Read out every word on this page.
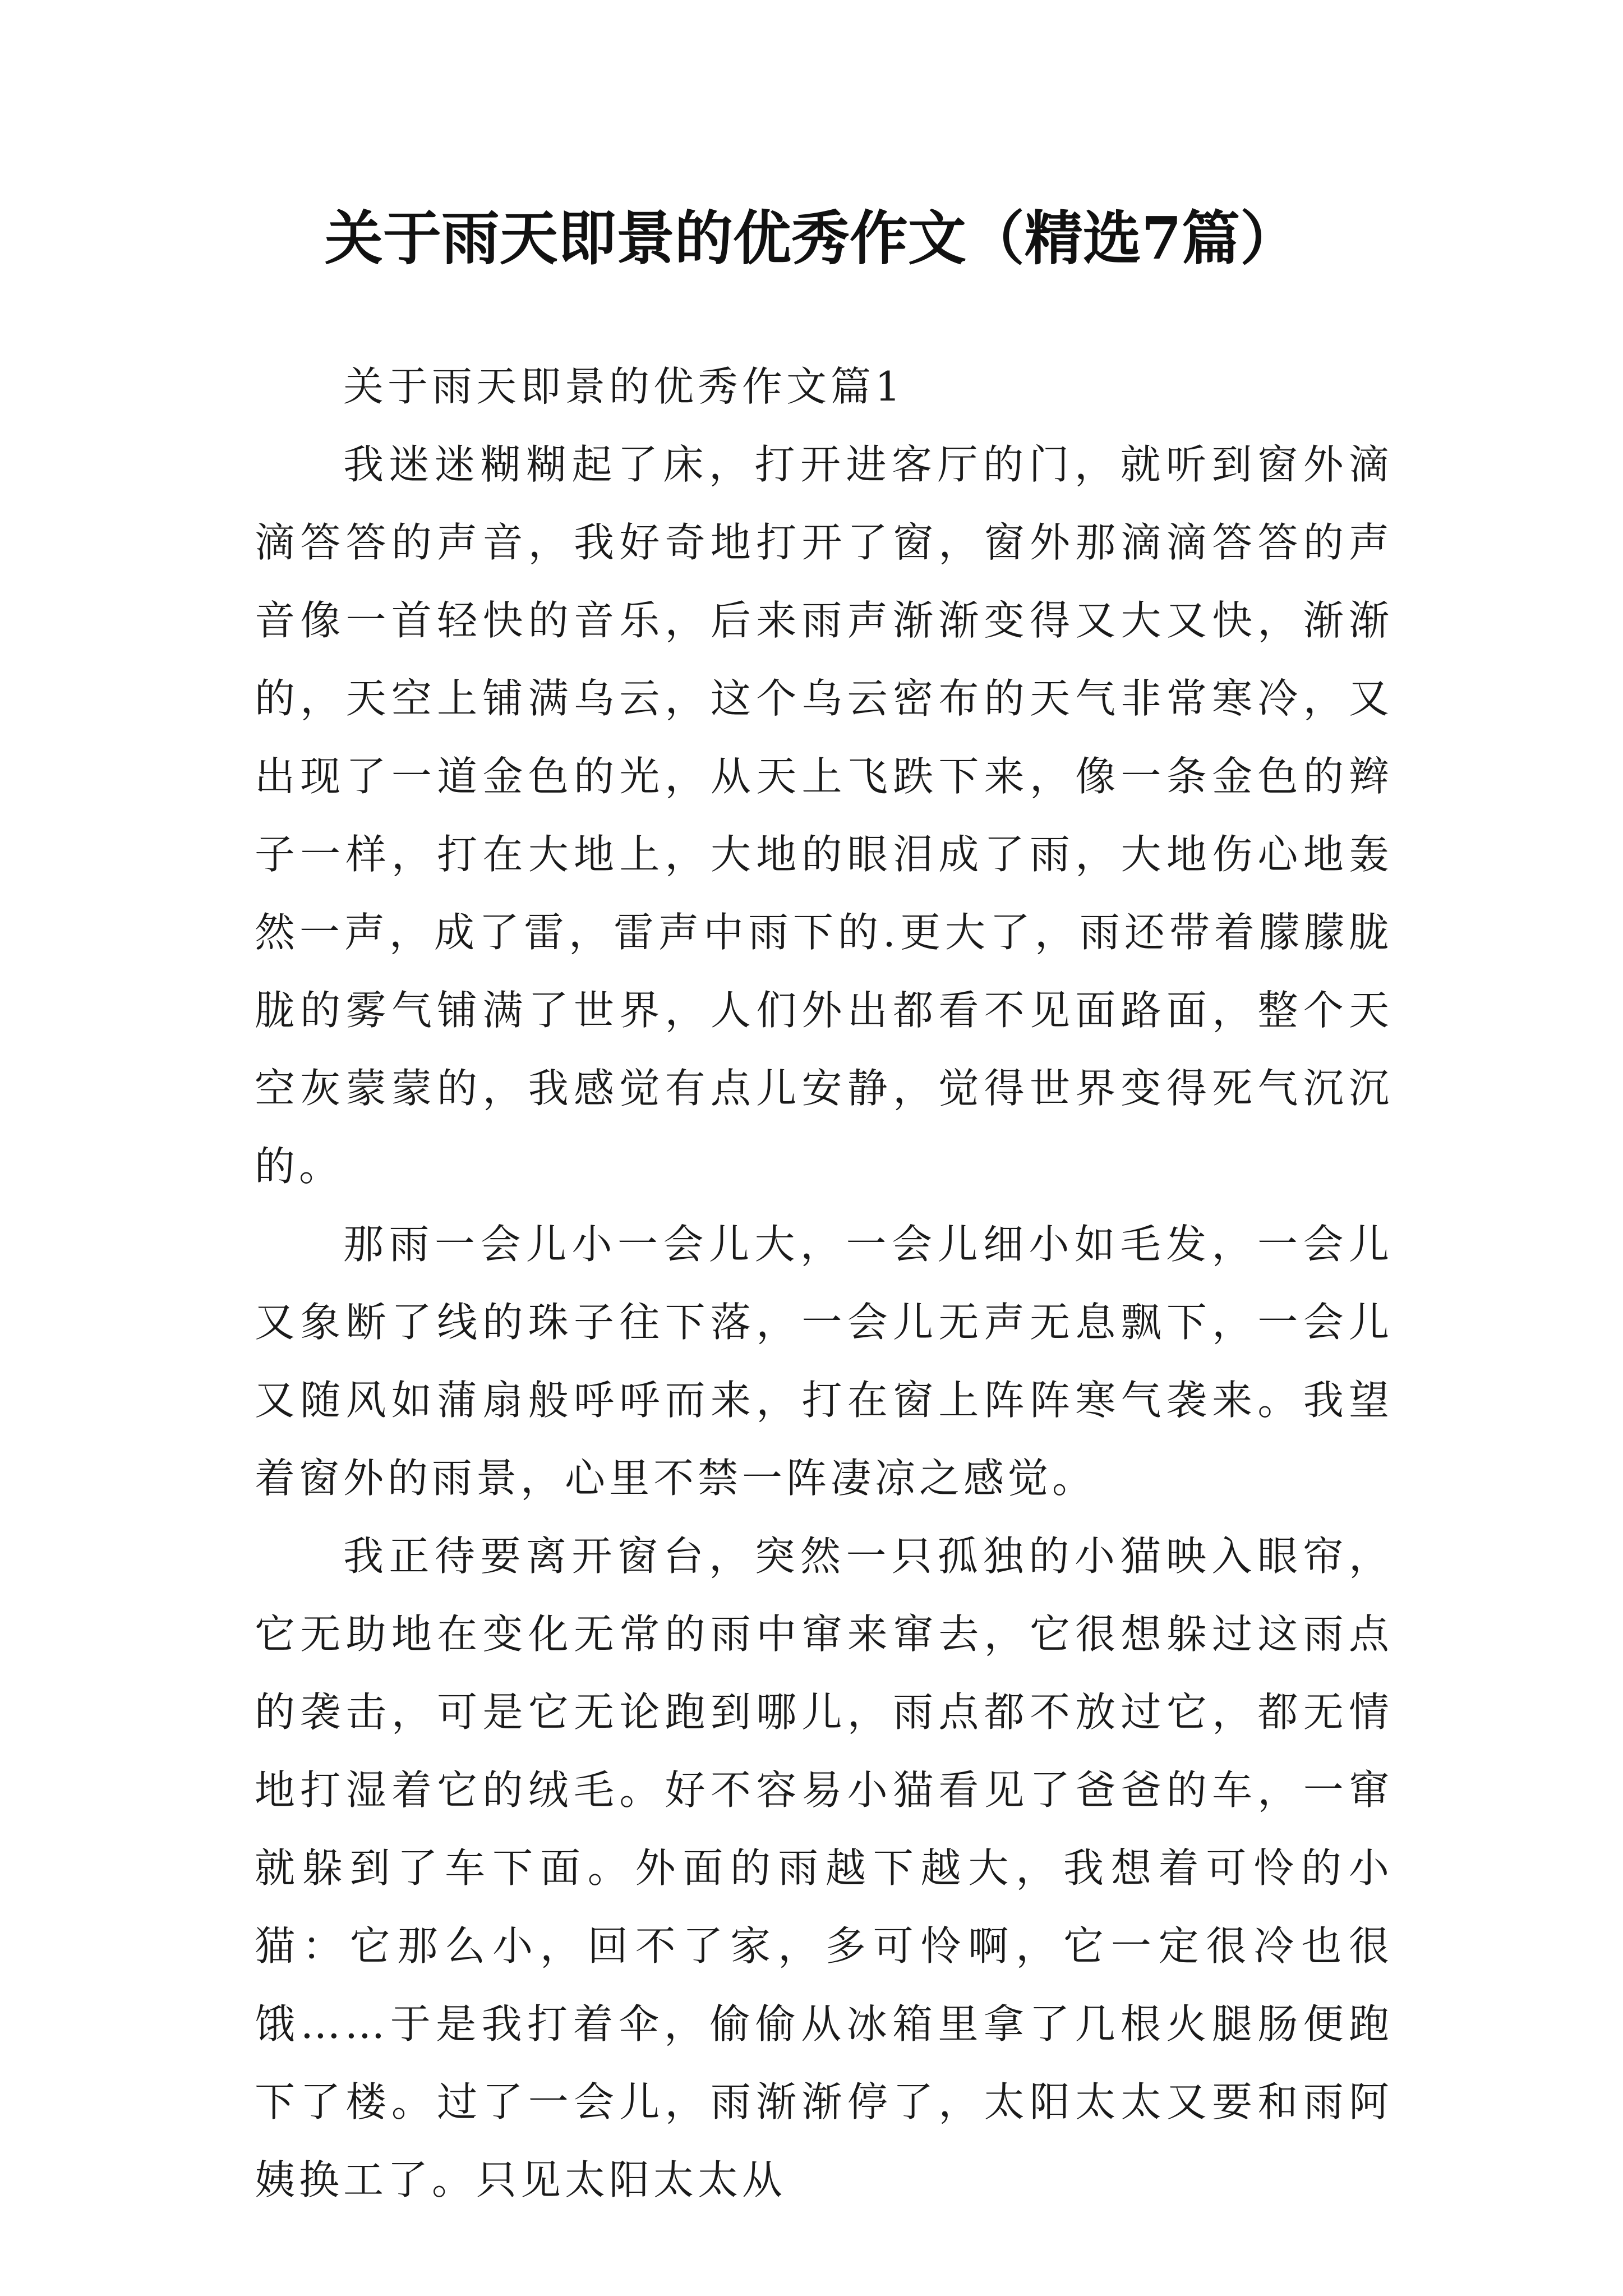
关于雨天即景的优秀作文（精选7篇）

关于雨天即景的优秀作文篇1

我迷迷糊糊起了床，打开进客厅的门，就听到窗外滴滴答答的声音，我好奇地打开了窗，窗外那滴滴答答的声音像一首轻快的音乐，后来雨声渐渐变得又大又快，渐渐的，天空上铺满乌云，这个乌云密布的天气非常寒冷，又出现了一道金色的光，从天上飞跌下来，像一条金色的辫子一样，打在大地上，大地的眼泪成了雨，大地伤心地轰然一声，成了雷，雷声中雨下的.更大了，雨还带着朦朦胧胧的雾气铺满了世界，人们外出都看不见面路面，整个天空灰蒙蒙的，我感觉有点儿安静，觉得世界变得死气沉沉的。

那雨一会儿小一会儿大，一会儿细小如毛发，一会儿又象断了线的珠子往下落，一会儿无声无息飘下，一会儿又随风如蒲扇般呼呼而来，打在窗上阵阵寒气袭来。我望着窗外的雨景，心里不禁一阵凄凉之感觉。

我正待要离开窗台，突然一只孤独的小猫映入眼帘，它无助地在变化无常的雨中窜来窜去，它很想躲过这雨点的袭击，可是它无论跑到哪儿，雨点都不放过它，都无情地打湿着它的绒毛。好不容易小猫看见了爸爸的车，一窜就躲到了车下面。外面的雨越下越大，我想着可怜的小猫：它那么小，回不了家，多可怜啊，它一定很冷也很饿……于是我打着伞，偷偷从冰箱里拿了几根火腿肠便跑下了楼。过了一会儿，雨渐渐停了，太阳太太又要和雨阿姨换工了。只见太阳太太从
